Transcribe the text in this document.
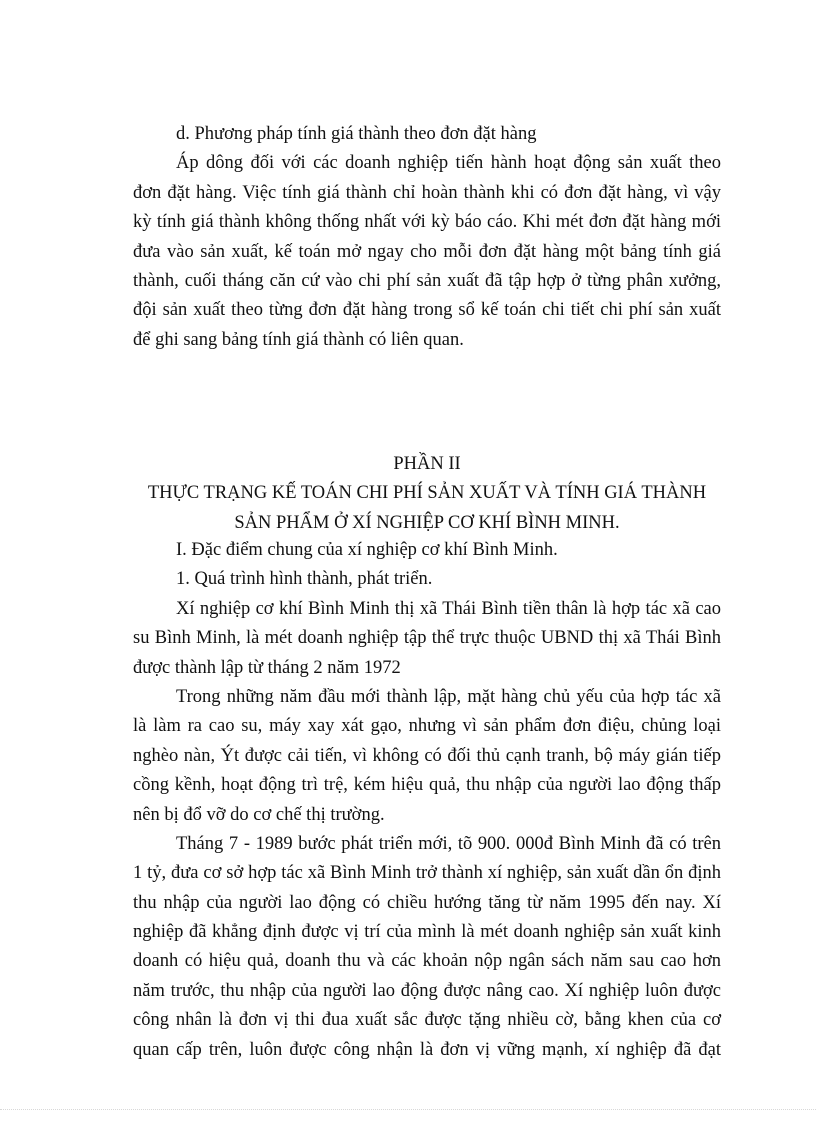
d. Phương pháp tính giá thành theo đơn đặt hàng
Áp dông đối với các doanh nghiệp tiến hành hoạt động sản xuất theo
đơn đặt hàng. Việc tính giá thành chỉ hoàn thành khi có đơn đặt hàng, vì vậy
kỳ tính giá thành không thống nhất với kỳ báo cáo. Khi mét đơn đặt hàng mới
đưa vào sản xuất, kế toán mở ngay cho mỗi đơn đặt hàng một bảng tính giá
thành, cuối tháng căn cứ vào chi phí sản xuất đã tập hợp ở từng phân xưởng,
đội sản xuất theo từng đơn đặt hàng trong sổ kế toán chi tiết chi phí sản xuất
để ghi sang bảng tính giá thành có liên quan.
PHẦN II
THỰC TRẠNG KẾ TOÁN CHI PHÍ SẢN XUẤT VÀ TÍNH GIÁ THÀNH
SẢN PHẨM Ở XÍ NGHIỆP CƠ KHÍ BÌNH MINH.
I. Đặc điểm chung của xí nghiệp cơ khí Bình Minh.
1. Quá trình hình thành, phát triển.
Xí nghiệp cơ khí Bình Minh thị xã Thái Bình tiền thân là hợp tác xã cao
su Bình Minh, là mét doanh nghiệp tập thể trực thuộc UBND thị xã Thái Bình
được thành lập từ tháng 2 năm 1972
Trong những năm đầu mới thành lập, mặt hàng chủ yếu của hợp tác xã
là làm ra cao su, máy xay xát gạo, nhưng vì sản phẩm đơn điệu, chủng loại
nghèo nàn, Ýt được cải tiến, vì không có đối thủ cạnh tranh, bộ máy gián tiếp
cồng kềnh, hoạt động trì trệ, kém hiệu quả, thu nhập của người lao động thấp
nên bị đổ vỡ do cơ chế thị trường.
Tháng 7 - 1989 bước phát triển mới, tõ 900. 000đ Bình Minh đã có trên
1 tỷ, đưa cơ sở hợp tác xã Bình Minh trở thành xí nghiệp, sản xuất dần ổn định
thu nhập của người lao động có chiều hướng tăng từ năm 1995 đến nay. Xí
nghiệp đã khẳng định được vị trí của mình là mét doanh nghiệp sản xuất kinh
doanh có hiệu quả, doanh thu và các khoản nộp ngân sách năm sau cao hơn
năm trước, thu nhập của người lao động được nâng cao. Xí nghiệp luôn được
công nhân là đơn vị thi đua xuất sắc được tặng nhiều cờ, bằng khen của cơ
quan cấp trên, luôn được công nhận là đơn vị vững mạnh, xí nghiệp đã đạt
